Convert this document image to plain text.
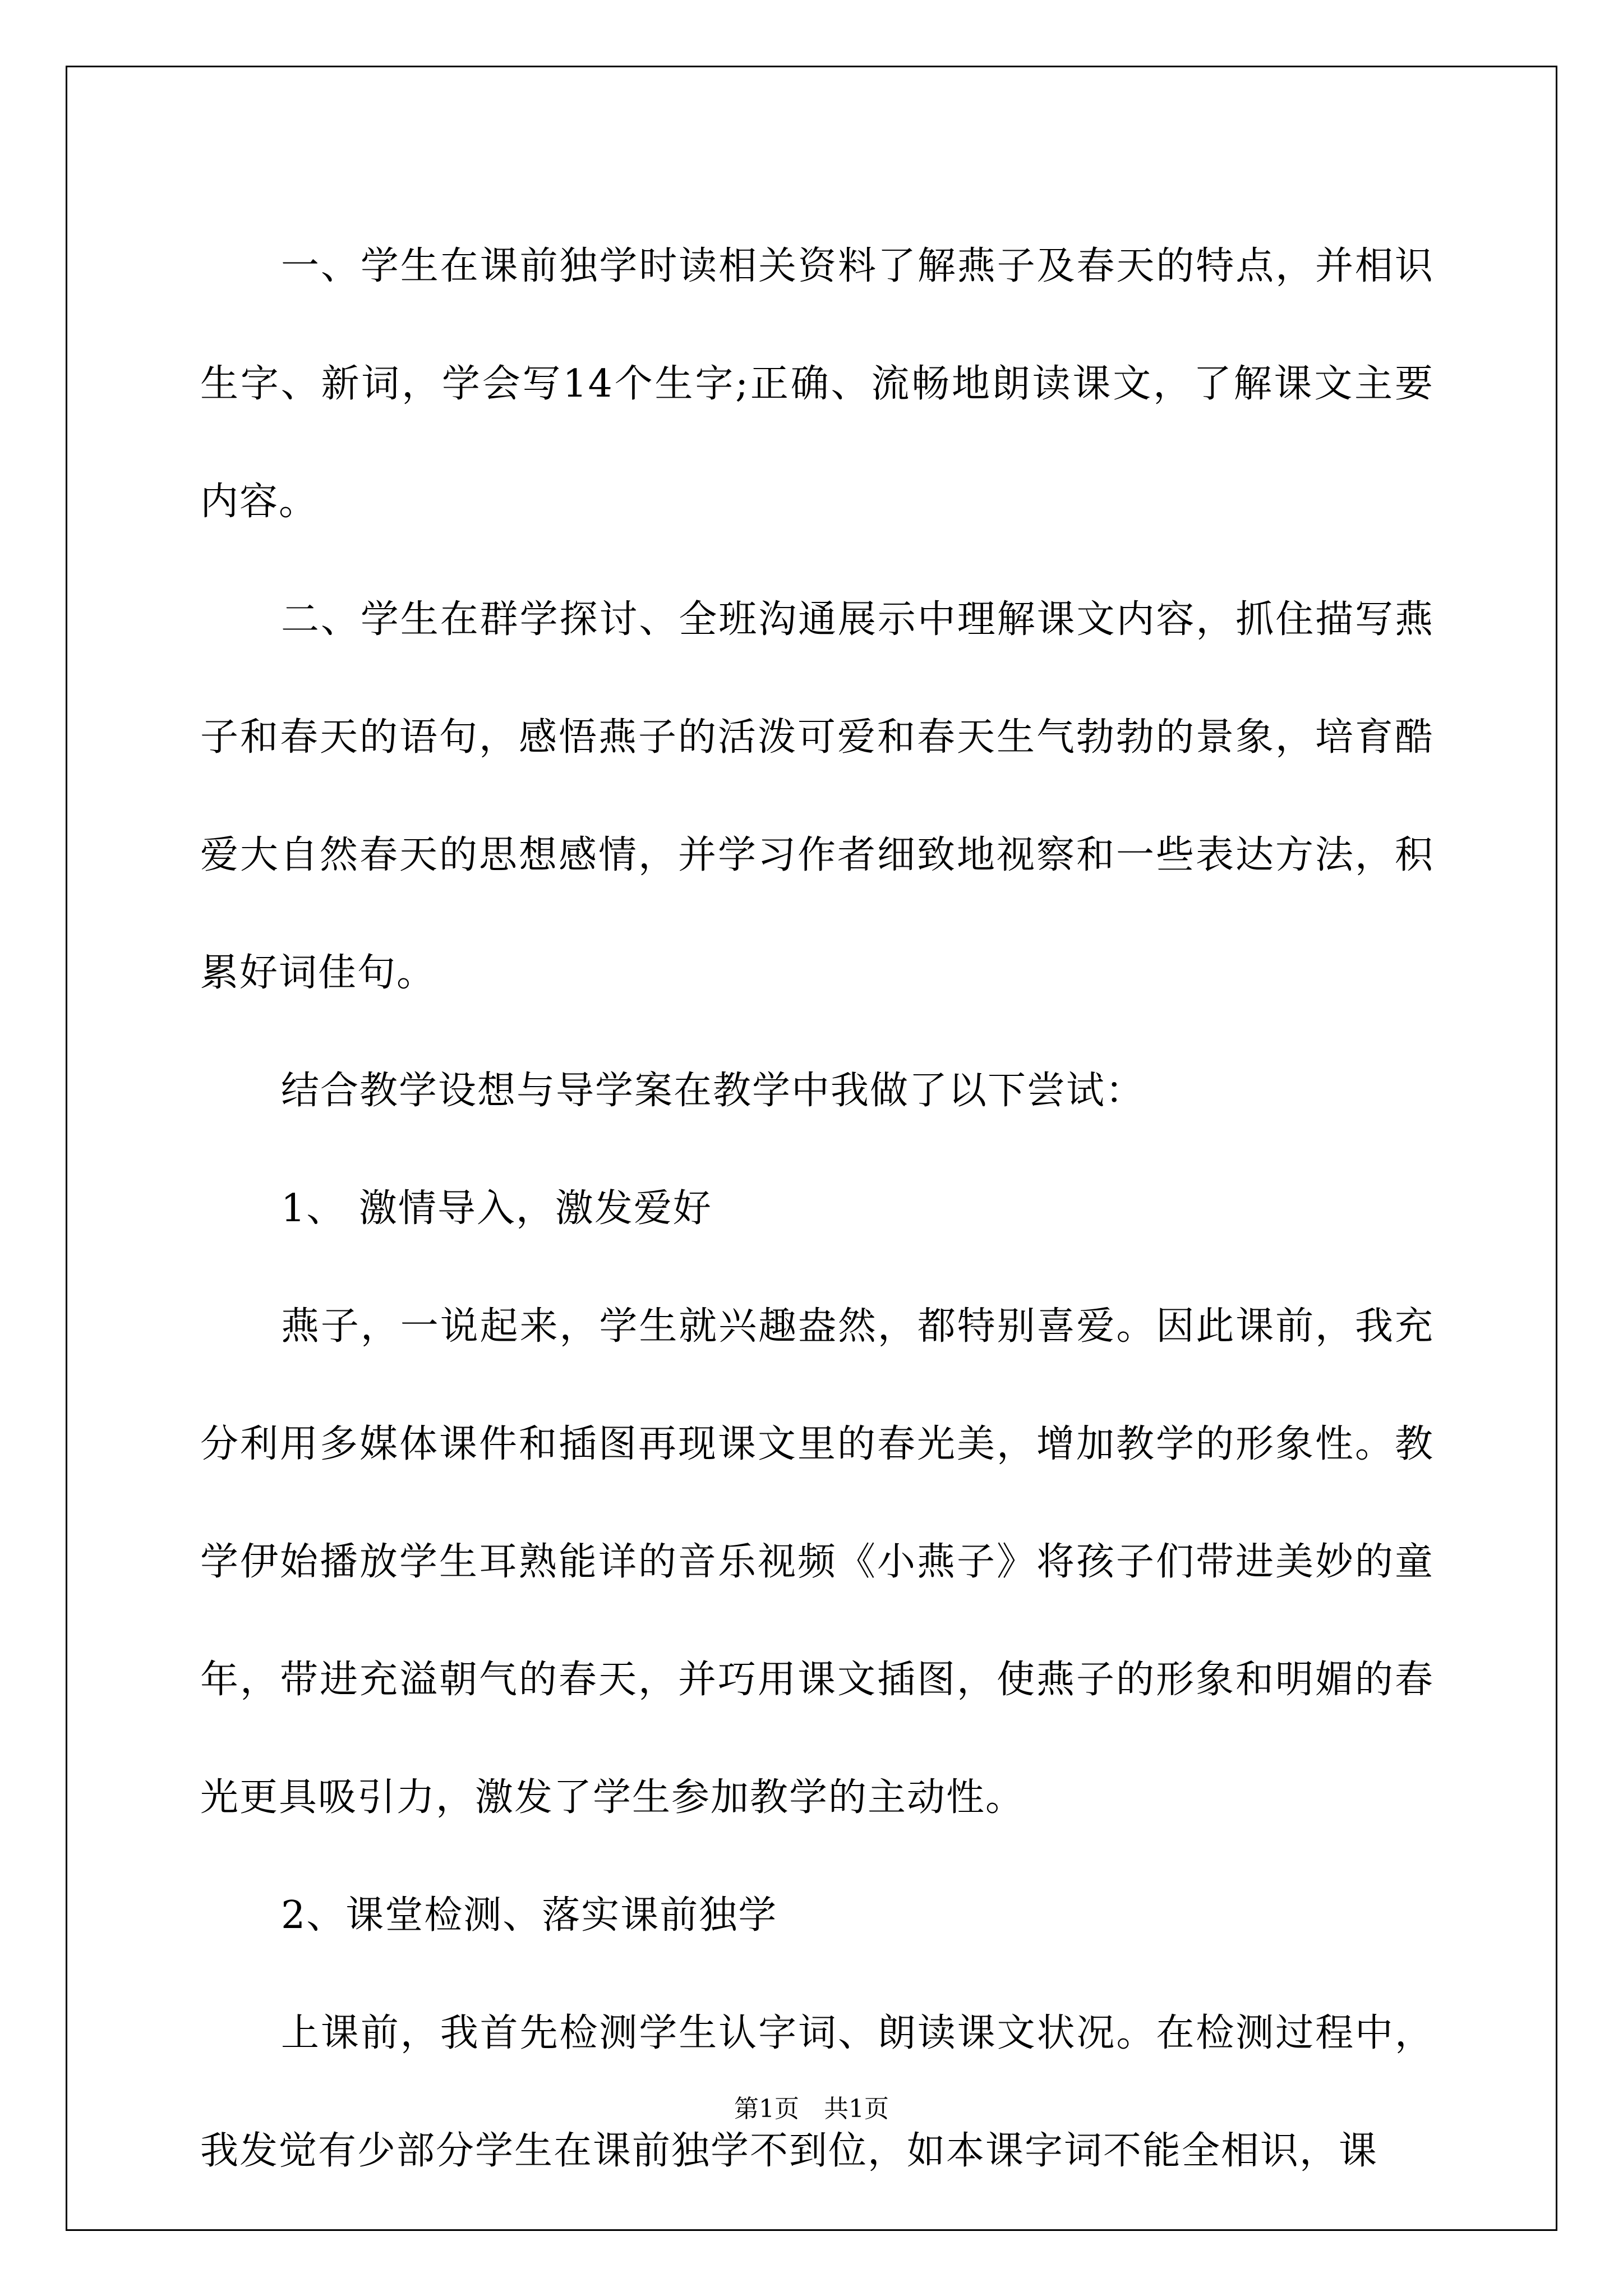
一、学生在课前独学时读相关资料了解燕子及春天的特点，并相识生字、新词，学会写14个生字;正确、流畅地朗读课文，了解课文主要内容。

二、学生在群学探讨、全班沟通展示中理解课文内容，抓住描写燕子和春天的语句，感悟燕子的活泼可爱和春天生气勃勃的景象，培育酷爱大自然春天的思想感情，并学习作者细致地视察和一些表达方法，积累好词佳句。

结合教学设想与导学案在教学中我做了以下尝试：

1、 激情导入，激发爱好

燕子，一说起来，学生就兴趣盎然，都特别喜爱。因此课前，我充分利用多媒体课件和插图再现课文里的春光美，增加教学的形象性。教学伊始播放学生耳熟能详的音乐视频《小燕子》将孩子们带进美妙的童年，带进充溢朝气的春天，并巧用课文插图，使燕子的形象和明媚的春光更具吸引力，激发了学生参加教学的主动性。

2、课堂检测、落实课前独学

上课前，我首先检测学生认字词、朗读课文状况。在检测过程中，我发觉有少部分学生在课前独学不到位，如本课字词不能全相识，课

第1页　共1页
